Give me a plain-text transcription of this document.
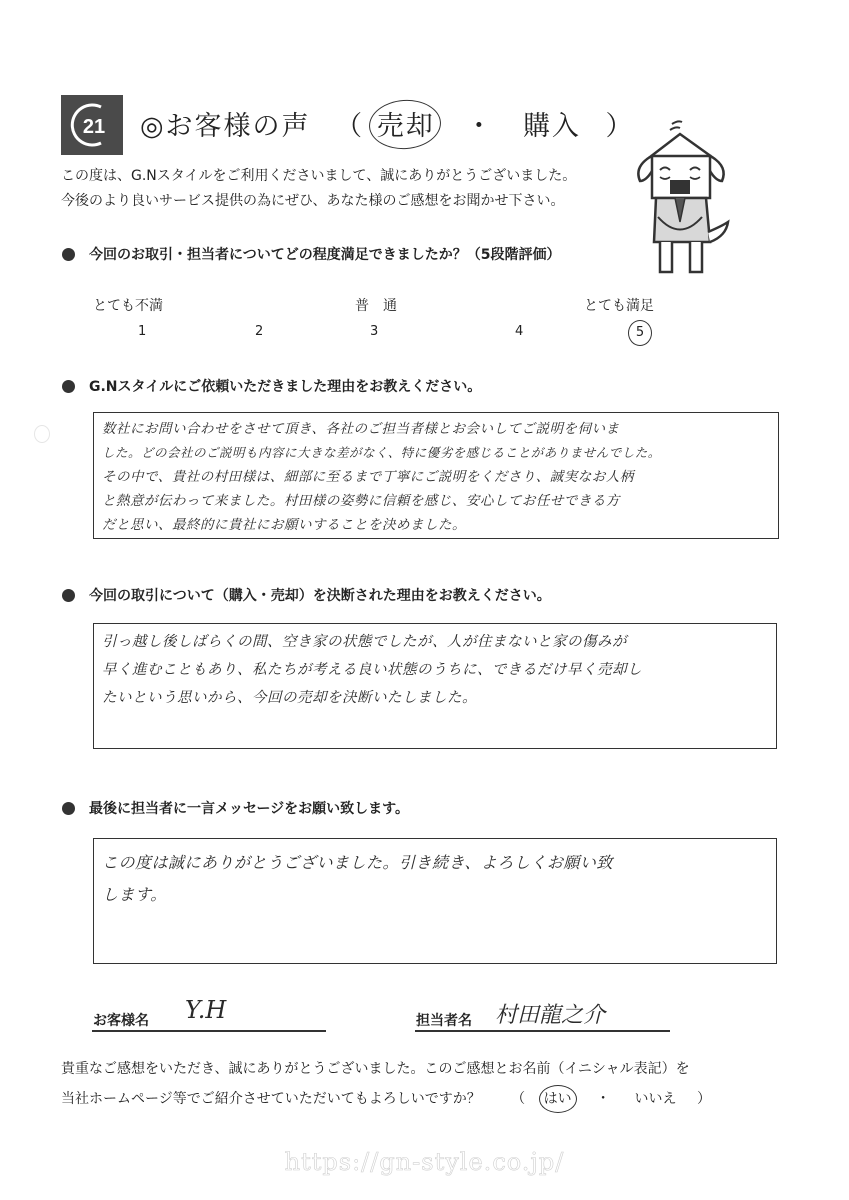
21 ◎お客様の声 （ 売却 ・ 購入 ）
この度は、G.Nスタイルをご利用くださいまして、誠にありがとうございました。
今後のより良いサービス提供の為にぜひ、あなた様のご感想をお聞かせ下さい。
今回のお取引・担当者についてどの程度満足できましたか？（5段階評価）
とても不満	普　通	とても満足
1	2	3	4	5
G.Nスタイルにご依頼いただきました理由をお教えください。
数社にお問い合わせをさせて頂き、各社のご担当者様とお会いしてご説明を伺いま
した。どの会社のご説明も内容に大きな差がなく、特に優劣を感じることがありませんでした。
その中で、貴社の村田様は、細部に至るまで丁寧にご説明をくださり、誠実なお人柄
と熱意が伝わって来ました。村田様の姿勢に信頼を感じ、安心してお任せできる方
だと思い、最終的に貴社にお願いすることを決めました。
今回の取引について（購入・売却）を決断された理由をお教えください。
引っ越し後しばらくの間、空き家の状態でしたが、人が住まないと家の傷みが
早く進むこともあり、私たちが考える良い状態のうちに、できるだけ早く売却し
たいという思いから、今回の売却を決断いたしました。
最後に担当者に一言メッセージをお願い致します。
この度は誠にありがとうございました。引き続き、よろしくお願い致
します。
お客様名 Y.H	担当者名 村田龍之介
貴重なご感想をいただき、誠にありがとうございました。このご感想とお名前（イニシャル表記）を
当社ホームページ等でご紹介させていただいてもよろしいですか？ （ はい ・ いいえ ）
https://gn-style.co.jp/
